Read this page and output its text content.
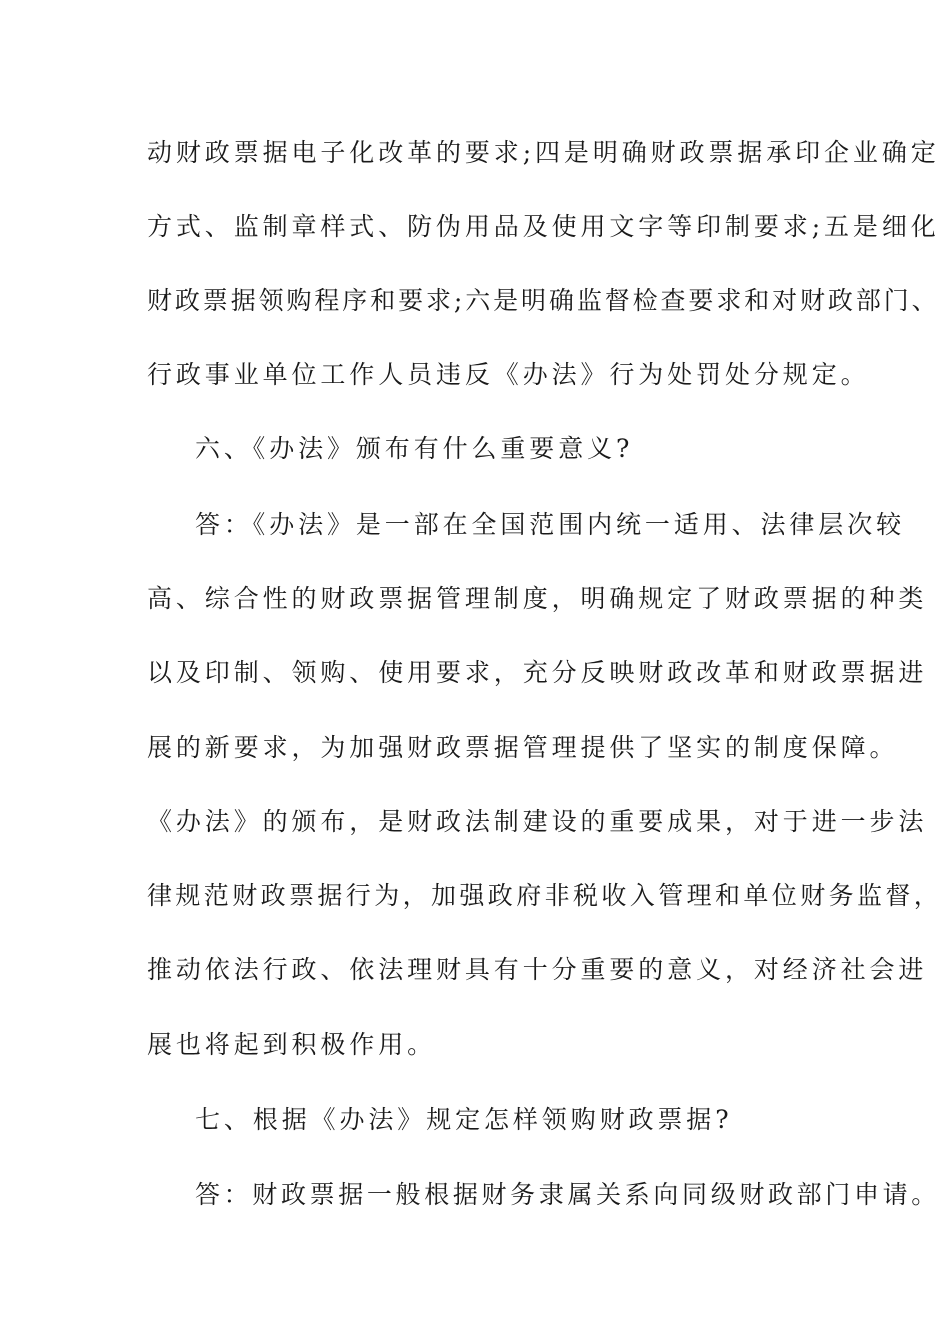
动财政票据电子化改革的要求;四是明确财政票据承印企业确定

方式、监制章样式、防伪用品及使用文字等印制要求;五是细化

财政票据领购程序和要求;六是明确监督检查要求和对财政部门、

行政事业单位工作人员违反《办法》行为处罚处分规定。

六、《办法》颁布有什么重要意义?

答：《办法》是一部在全国范围内统一适用、法律层次较

高、综合性的财政票据管理制度，明确规定了财政票据的种类

以及印制、领购、使用要求，充分反映财政改革和财政票据进

展的新要求，为加强财政票据管理提供了坚实的制度保障。

《办法》的颁布，是财政法制建设的重要成果，对于进一步法

律规范财政票据行为，加强政府非税收入管理和单位财务监督，

推动依法行政、依法理财具有十分重要的意义，对经济社会进

展也将起到积极作用。

七、根据《办法》规定怎样领购财政票据?

答：财政票据一般根据财务隶属关系向同级财政部门申请。
